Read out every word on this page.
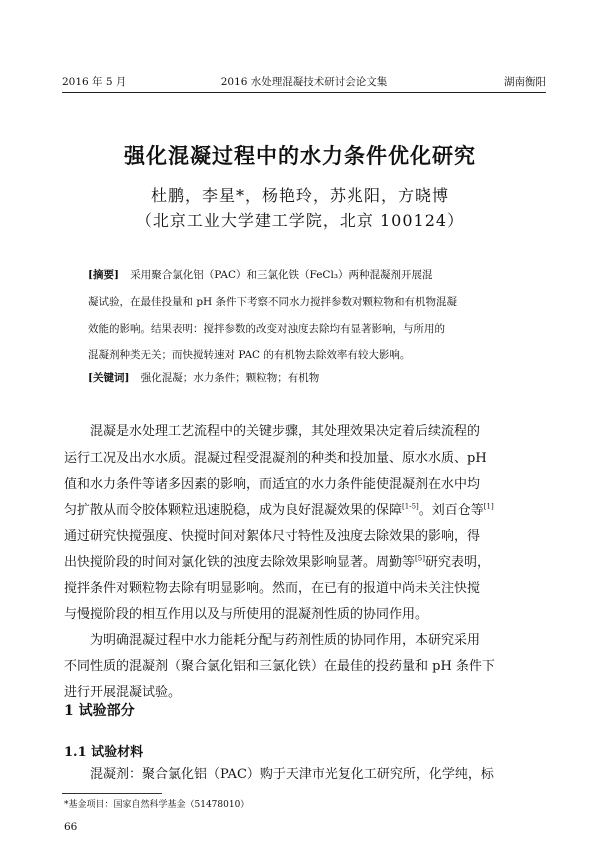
2016 年 5 月	2016 水处理混凝技术研讨会论文集	湖南衡阳
强化混凝过程中的水力条件优化研究
杜鹏，李星*，杨艳玲，苏兆阳，方晓博
（北京工业大学建工学院，北京 100124）
[摘要] 采用聚合氯化铝（PAC）和三氯化铁（FeCl₃）两种混凝剂开展混
凝试验，在最佳投量和 pH 条件下考察不同水力搅拌参数对颗粒物和有机物混凝
效能的影响。结果表明：搅拌参数的改变对浊度去除均有显著影响，与所用的
混凝剂种类无关；而快搅转速对 PAC 的有机物去除效率有较大影响。
[关键词] 强化混凝；水力条件；颗粒物；有机物
混凝是水处理工艺流程中的关键步骤，其处理效果决定着后续流程的
运行工况及出水水质。混凝过程受混凝剂的种类和投加量、原水水质、pH
值和水力条件等诸多因素的影响，而适宜的水力条件能使混凝剂在水中均
匀扩散从而令胶体颗粒迅速脱稳，成为良好混凝效果的保障[1-5]。刘百仓等[1]
通过研究快搅强度、快搅时间对絮体尺寸特性及浊度去除效果的影响，得
出快搅阶段的时间对氯化铁的浊度去除效果影响显著。周勤等[5]研究表明，
搅拌条件对颗粒物去除有明显影响。然而，在已有的报道中尚未关注快搅
与慢搅阶段的相互作用以及与所使用的混凝剂性质的协同作用。
为明确混凝过程中水力能耗分配与药剂性质的协同作用，本研究采用
不同性质的混凝剂（聚合氯化铝和三氯化铁）在最佳的投药量和 pH 条件下
进行开展混凝试验。
1 试验部分
1.1 试验材料
混凝剂：聚合氯化铝（PAC）购于天津市光复化工研究所，化学纯，标
*基金项目：国家自然科学基金（51478010）
66
